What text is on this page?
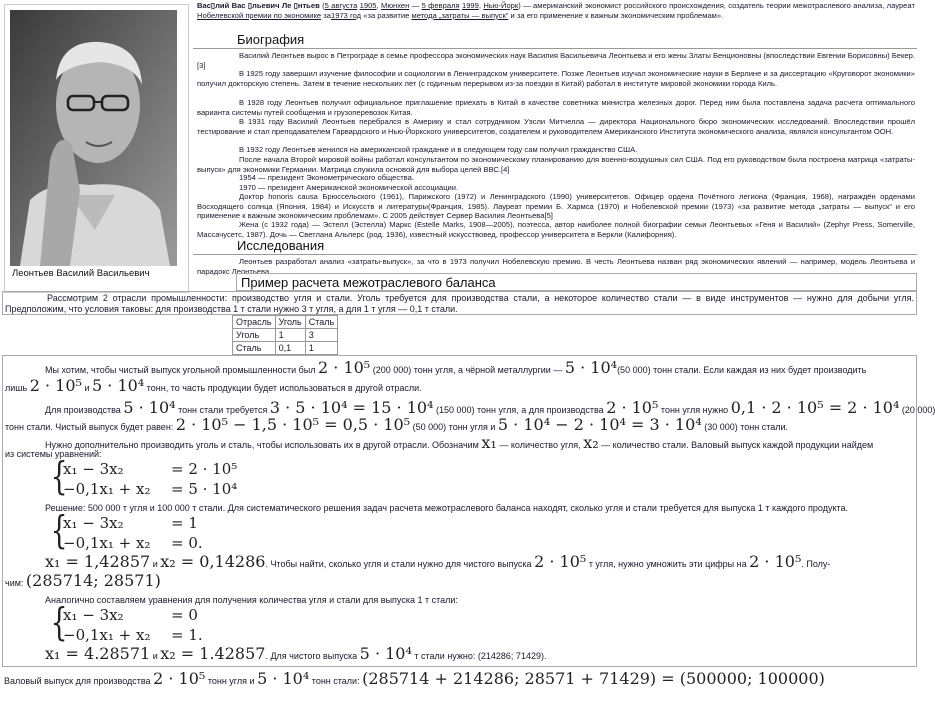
Леонтьев Василий Васильевич
Вас▯лий Вас ▯льевич Ле ▯нтьев (5 августа 1905, Мюнхен — 5 февраля 1999, Нью-Йорк) — американский экономист российского происхождения, создатель теории межотраслевого анализа, лауреат Нобелевской премии по экономике за1973 год «за развитие метода „затраты — выпуск“ и за его применение к важным экономическим проблемам».
Биография
Василий Леонтьев вырос в Петрограде в семье профессора экономических наук Василия Васильевича Леонтьева и его жены Златы Бенционовны (впоследствии Евгении Борисовны) Бекер.[3]
В 1925 году завершил изучение философии и социологии в Ленинградском университете. Позже Леонтьев изучал экономические науки в Берлине и за диссертацию «Круговорот экономики» получил докторскую степень. Затем в течение нескольких лет (с годичным перерывом из-за поездки в Китай) работал в институте мировой экономики города Киль.
В 1928 году Леонтьев получил официальное приглашение приехать в Китай в качестве советника министра железных дорог. Перед ним была поставлена задача расчета оптимального варианта системы путей сообщения и грузоперевозок Китая.
В 1931 году Василий Леонтьев перебрался в Америку и стал сотрудником Уэсли Митчелла — директора Национального бюро экономических исследований. Впоследствии прошёл тестирование и стал преподавателем Гарвардского и Нью-Йоркского университетов, создателем и руководителем Американского Института экономического анализа, являлся консультантом ООН.
В 1932 году Леонтьев женился на американской гражданке и в следующем году сам получил гражданство США.
После начала Второй мировой войны работал консультантом по экономическому планированию для военно-воздушных сил США. Под его руководством была построена матрица «затраты-выпуск» для экономики Германии. Матрица служила основой для выбора целей ВВС.[4]
1954 — президент Эконометрического общества.
1970 — президент Американской экономической ассоциации.
Доктор honoris causa Брюссельского (1961), Парижского (1972) и Ленинградского (1990) университетов. Офицер ордена Почётного легиона (Франция, 1968), награждён орденами Восходящего солнца (Япония, 1984) и Искусств и литературы(Франция, 1985). Лауреат премии Б. Хармса (1970) и Нобелевской премии (1973) «за развитие метода „затраты — выпуск“ и его применение к важным экономическим проблемам». С 2005 действует Сервер Василия Леонтьева[5]
Жена (с 1932 года) — Эстелл (Эстелла) Маркс (Estelle Marks, 1908—2005), поэтесса, автор наиболее полной биографии семьи Леонтьевых «Геня и Василий» (Zephyr Press, Somerville, Массачусетс, 1987). Дочь — Светлана Альперс (род. 1936), известный искусствовед, профессор университета в Беркли (Калифорния).
Исследования
Леонтьев разработал анализ «затраты-выпуск», за что в 1973 получил Нобелевскую премию. В честь Леонтьева назван ряд экономических явлений — например, модель Леонтьева и парадокс Леонтьева.
Пример расчета межотраслевого баланса
Рассмотрим 2 отрасли промышленности: производство угля и стали. Уголь требуется для производства стали, а некоторое количество стали — в виде инструментов — нужно для добычи угля. Предположим, что условия таковы: для производства 1 т стали нужно 3 т угля, а для 1 т угля — 0,1 т стали.
Отрасль	Уголь	Сталь
Уголь	1	3
Сталь	0,1	1
Мы хотим, чтобы чистый выпуск угольной промышленности был 2 · 10⁵ (200 000) тонн угля, а чёрной металлургии — 5 · 10⁴(50 000) тонн стали. Если каждая из них будет производить
лишь 2 · 10⁵ и 5 · 10⁴ тонн, то часть продукции будет использоваться в другой отрасли.
Для производства 5 · 10⁴ тонн стали требуется 3 · 5 · 10⁴ = 15 · 10⁴ (150 000) тонн угля, а для производства 2 · 10⁵ тонн угля нужно 0,1 · 2 · 10⁵ = 2 · 10⁴ (20 000)
тонн стали. Чистый выпуск будет равен: 2 · 10⁵ − 1,5 · 10⁵ = 0,5 · 10⁵ (50 000) тонн угля и 5 · 10⁴ − 2 · 10⁴ = 3 · 10⁴ (30 000) тонн стали.
Нужно дополнительно производить уголь и сталь, чтобы использовать их в другой отрасли. Обозначим x₁ — количество угля, x₂ — количество стали. Валовый выпуск каждой продукции найдем
из системы уравнений:
{
x₁ − 3x₂	= 2 · 10⁵
−0,1x₁ + x₂ = 5 · 10⁴
Решение: 500 000 т угля и 100 000 т стали. Для систематического решения задач расчета межотраслевого баланса находят, сколько угля и стали требуется для выпуска 1 т каждого продукта.
{
x₁ − 3x₂	= 1
−0,1x₁ + x₂ = 0.
x₁ = 1,42857 и x₂ = 0,14286. Чтобы найти, сколько угля и стали нужно для чистого выпуска 2 · 10⁵ т угля, нужно умножить эти цифры на 2 · 10⁵. Полу-
чим: (285714; 28571)
Аналогично составляем уравнения для получения количества угля и стали для выпуска 1 т стали:
{
x₁ − 3x₂	= 0
−0,1x₁ + x₂ = 1.
x₁ = 4.28571 и x₂ = 1.42857. Для чистого выпуска 5 · 10⁴ т стали нужно: (214286; 71429).
Валовый выпуск для производства 2 · 10⁵ тонн угля и 5 · 10⁴ тонн стали: (285714 + 214286; 28571 + 71429) = (500000; 100000)
